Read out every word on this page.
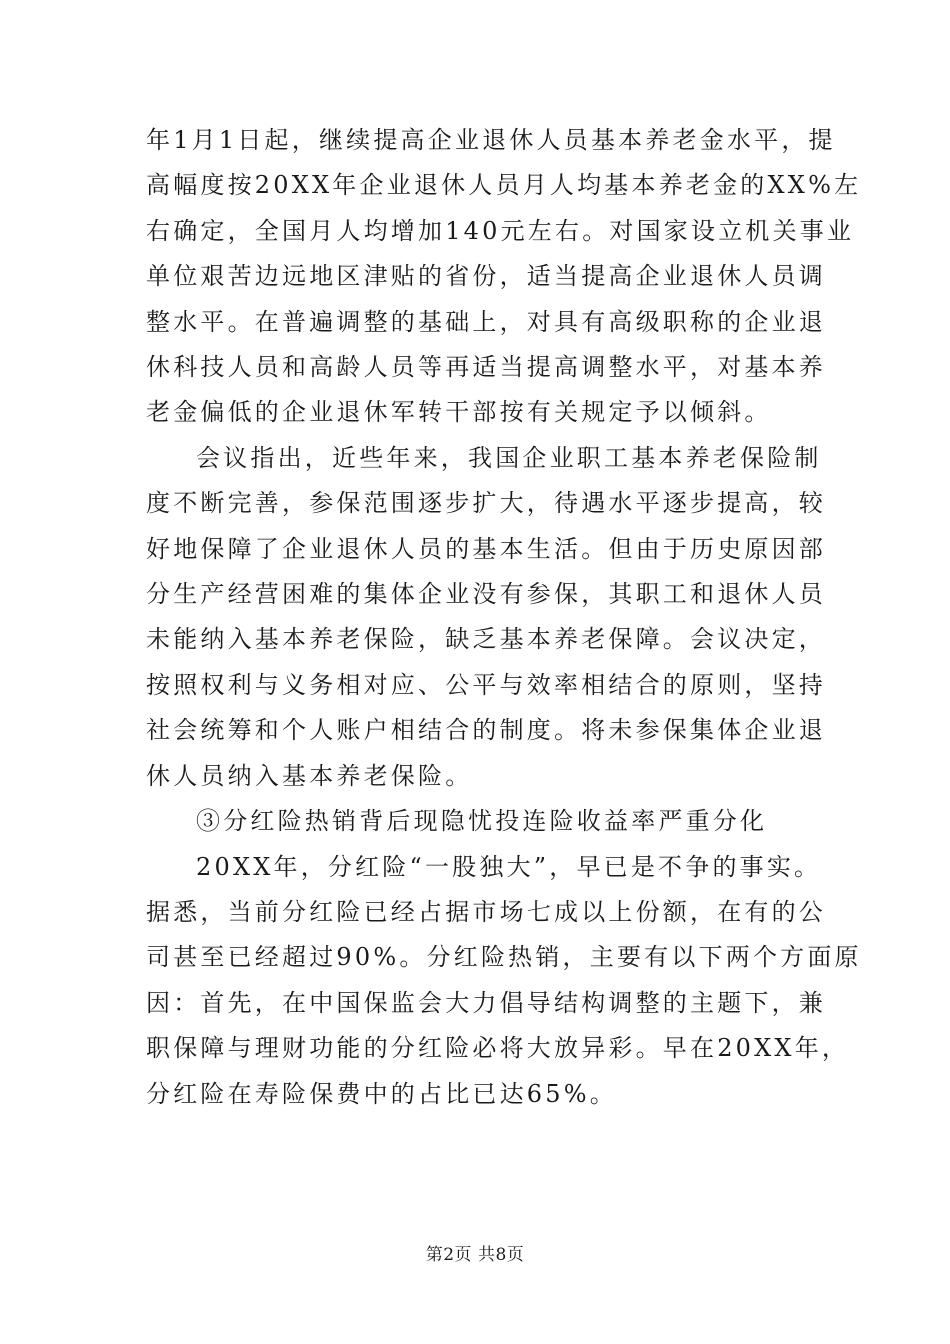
年1月1日起，继续提高企业退休人员基本养老金水平，提

高幅度按20XX年企业退休人员月人均基本养老金的XX%左

右确定，全国月人均增加140元左右。对国家设立机关事业

单位艰苦边远地区津贴的省份，适当提高企业退休人员调

整水平。在普遍调整的基础上，对具有高级职称的企业退

休科技人员和高龄人员等再适当提高调整水平，对基本养

老金偏低的企业退休军转干部按有关规定予以倾斜。

会议指出，近些年来，我国企业职工基本养老保险制

度不断完善，参保范围逐步扩大，待遇水平逐步提高，较

好地保障了企业退休人员的基本生活。但由于历史原因部

分生产经营困难的集体企业没有参保，其职工和退休人员

未能纳入基本养老保险，缺乏基本养老保障。会议决定，

按照权利与义务相对应、公平与效率相结合的原则，坚持

社会统筹和个人账户相结合的制度。将未参保集体企业退

休人员纳入基本养老保险。

③分红险热销背后现隐忧投连险收益率严重分化

20XX年，分红险“一股独大”，早已是不争的事实。

据悉，当前分红险已经占据市场七成以上份额，在有的公

司甚至已经超过90%。分红险热销，主要有以下两个方面原

因：首先，在中国保监会大力倡导结构调整的主题下，兼

职保障与理财功能的分红险必将大放异彩。早在20XX年，

分红险在寿险保费中的占比已达65%。

第2页 共8页
